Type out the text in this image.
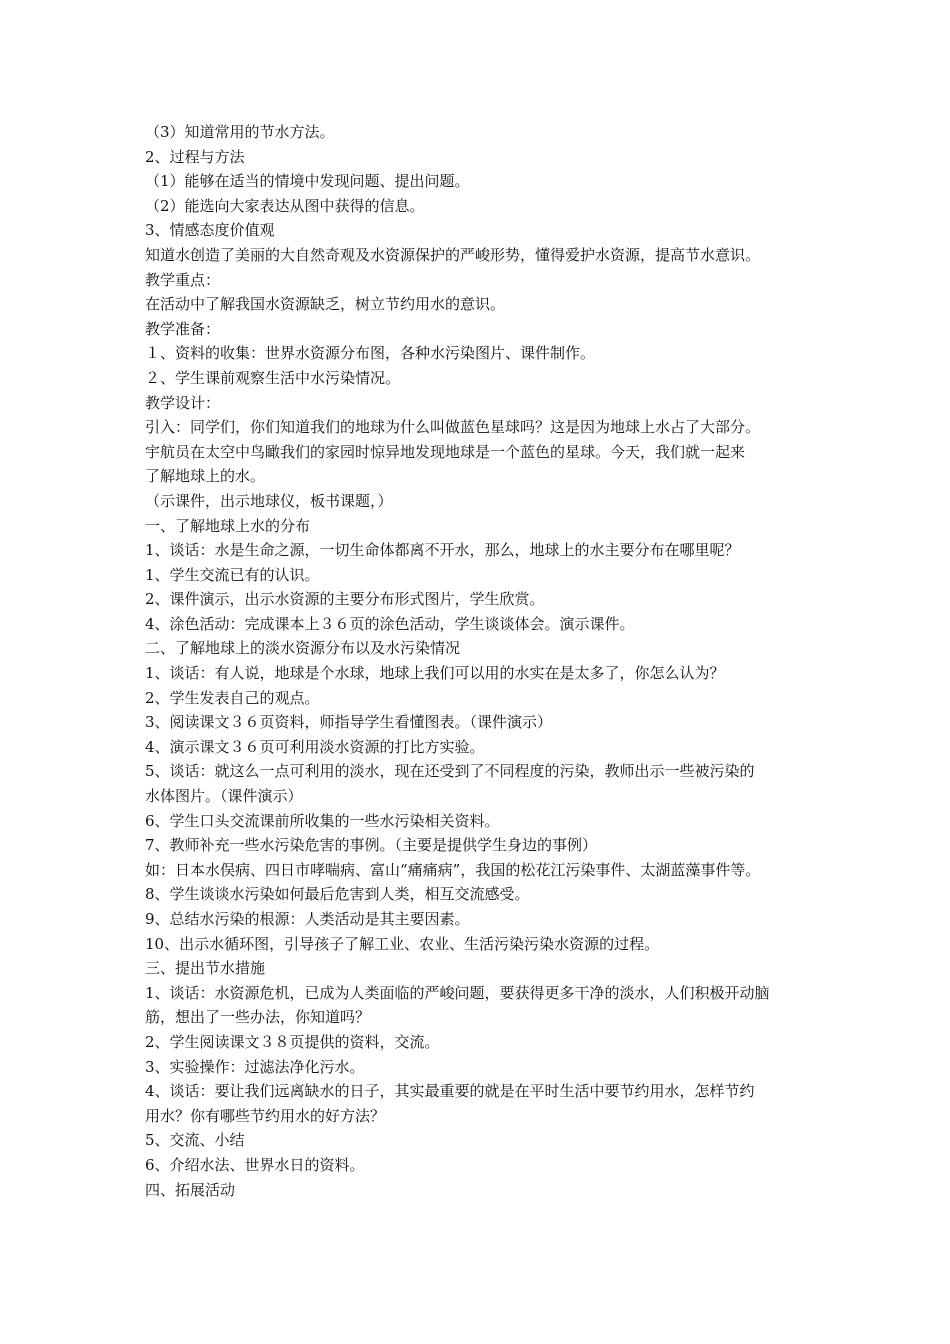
（3）知道常用的节水方法。
2、过程与方法
（1）能够在适当的情境中发现问题、提出问题。
（2）能选向大家表达从图中获得的信息。
3、情感态度价值观
知道水创造了美丽的大自然奇观及水资源保护的严峻形势，懂得爱护水资源，提高节水意识。
教学重点：
在活动中了解我国水资源缺乏，树立节约用水的意识。
教学准备：
１、资料的收集：世界水资源分布图，各种水污染图片、课件制作。
２、学生课前观察生活中水污染情况。
教学设计：
引入：同学们，你们知道我们的地球为什么叫做蓝色星球吗？这是因为地球上水占了大部分。
宇航员在太空中鸟瞰我们的家园时惊异地发现地球是一个蓝色的星球。今天，我们就一起来
了解地球上的水。
（示课件，出示地球仪，板书课题，）
一、了解地球上水的分布
1、谈话：水是生命之源，一切生命体都离不开水，那么，地球上的水主要分布在哪里呢？
1、学生交流已有的认识。
2、课件演示，出示水资源的主要分布形式图片，学生欣赏。
4、涂色活动：完成课本上３６页的涂色活动，学生谈谈体会。演示课件。
二、了解地球上的淡水资源分布以及水污染情况
1、谈话：有人说，地球是个水球，地球上我们可以用的水实在是太多了，你怎么认为？
2、学生发表自己的观点。
3、阅读课文３６页资料，师指导学生看懂图表。（课件演示）
4、演示课文３６页可利用淡水资源的打比方实验。
5、谈话：就这么一点可利用的淡水，现在还受到了不同程度的污染，教师出示一些被污染的
水体图片。（课件演示）
6、学生口头交流课前所收集的一些水污染相关资料。
7、教师补充一些水污染危害的事例。（主要是提供学生身边的事例）
如：日本水俣病、四日市哮喘病、富山“痛痛病”，我国的松花江污染事件、太湖蓝藻事件等。
8、学生谈谈水污染如何最后危害到人类，相互交流感受。
9、总结水污染的根源：人类活动是其主要因素。
10、出示水循环图，引导孩子了解工业、农业、生活污染污染水资源的过程。
三、提出节水措施
1、谈话：水资源危机，已成为人类面临的严峻问题，要获得更多干净的淡水，人们积极开动脑
筋，想出了一些办法，你知道吗？
2、学生阅读课文３８页提供的资料，交流。
3、实验操作：过滤法净化污水。
4、谈话：要让我们远离缺水的日子，其实最重要的就是在平时生活中要节约用水，怎样节约
用水？你有哪些节约用水的好方法？
5、交流、小结
6、介绍水法、世界水日的资料。
四、拓展活动
